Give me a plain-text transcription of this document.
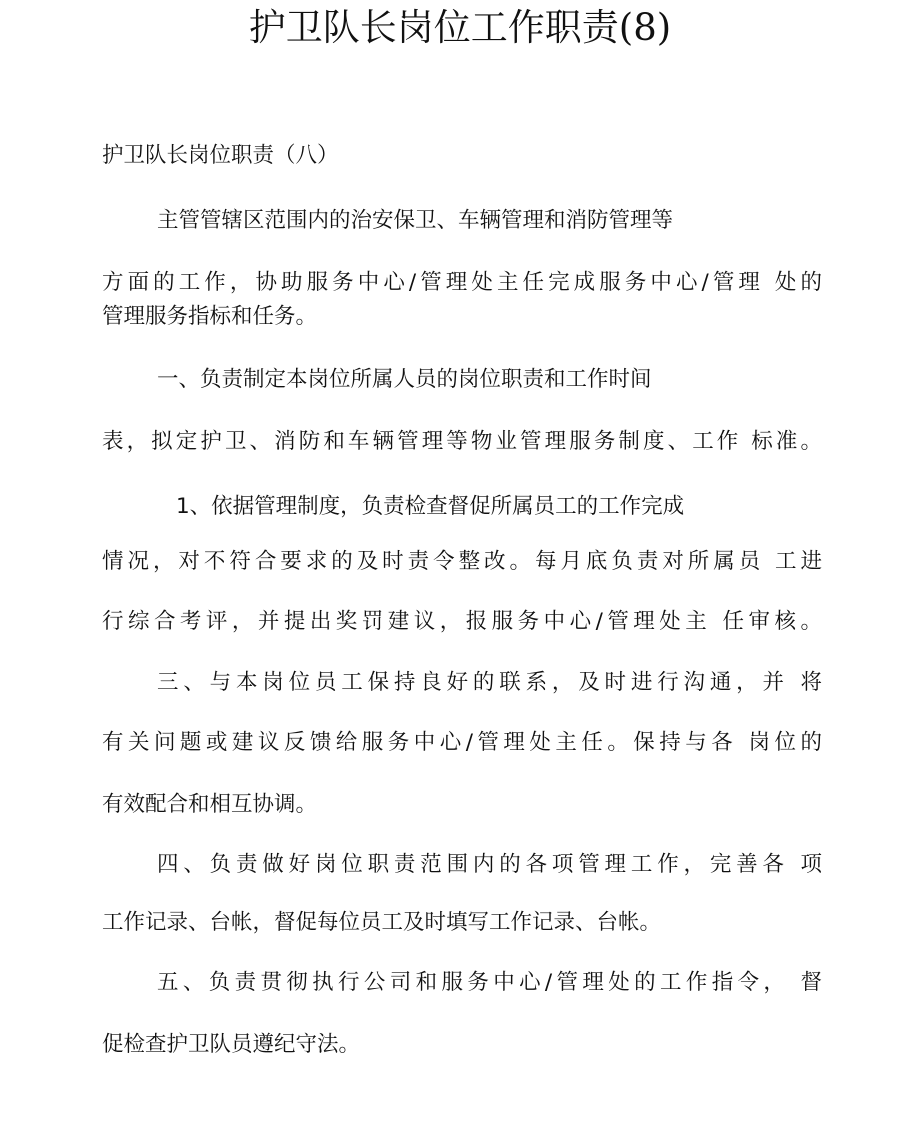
护卫队长岗位工作职责(8)

护卫队长岗位职责（八）

主管管辖区范围内的治安保卫、车辆管理和消防管理等

方面的工作，协助服务中心/管理处主任完成服务中心/管理 处的

管理服务指标和任务。

一、负责制定本岗位所属人员的岗位职责和工作时间

表，拟定护卫、消防和车辆管理等物业管理服务制度、工作 标准。

1、依据管理制度，负责检查督促所属员工的工作完成

情况，对不符合要求的及时责令整改。每月底负责对所属员 工进

行综合考评，并提出奖罚建议，报服务中心/管理处主 任审核。

三、与本岗位员工保持良好的联系，及时进行沟通，并 将

有关问题或建议反馈给服务中心/管理处主任。保持与各 岗位的

有效配合和相互协调。

四、负责做好岗位职责范围内的各项管理工作，完善各 项

工作记录、台帐，督促每位员工及时填写工作记录、台帐。

五、负责贯彻执行公司和服务中心/管理处的工作指令， 督

促检查护卫队员遵纪守法。
